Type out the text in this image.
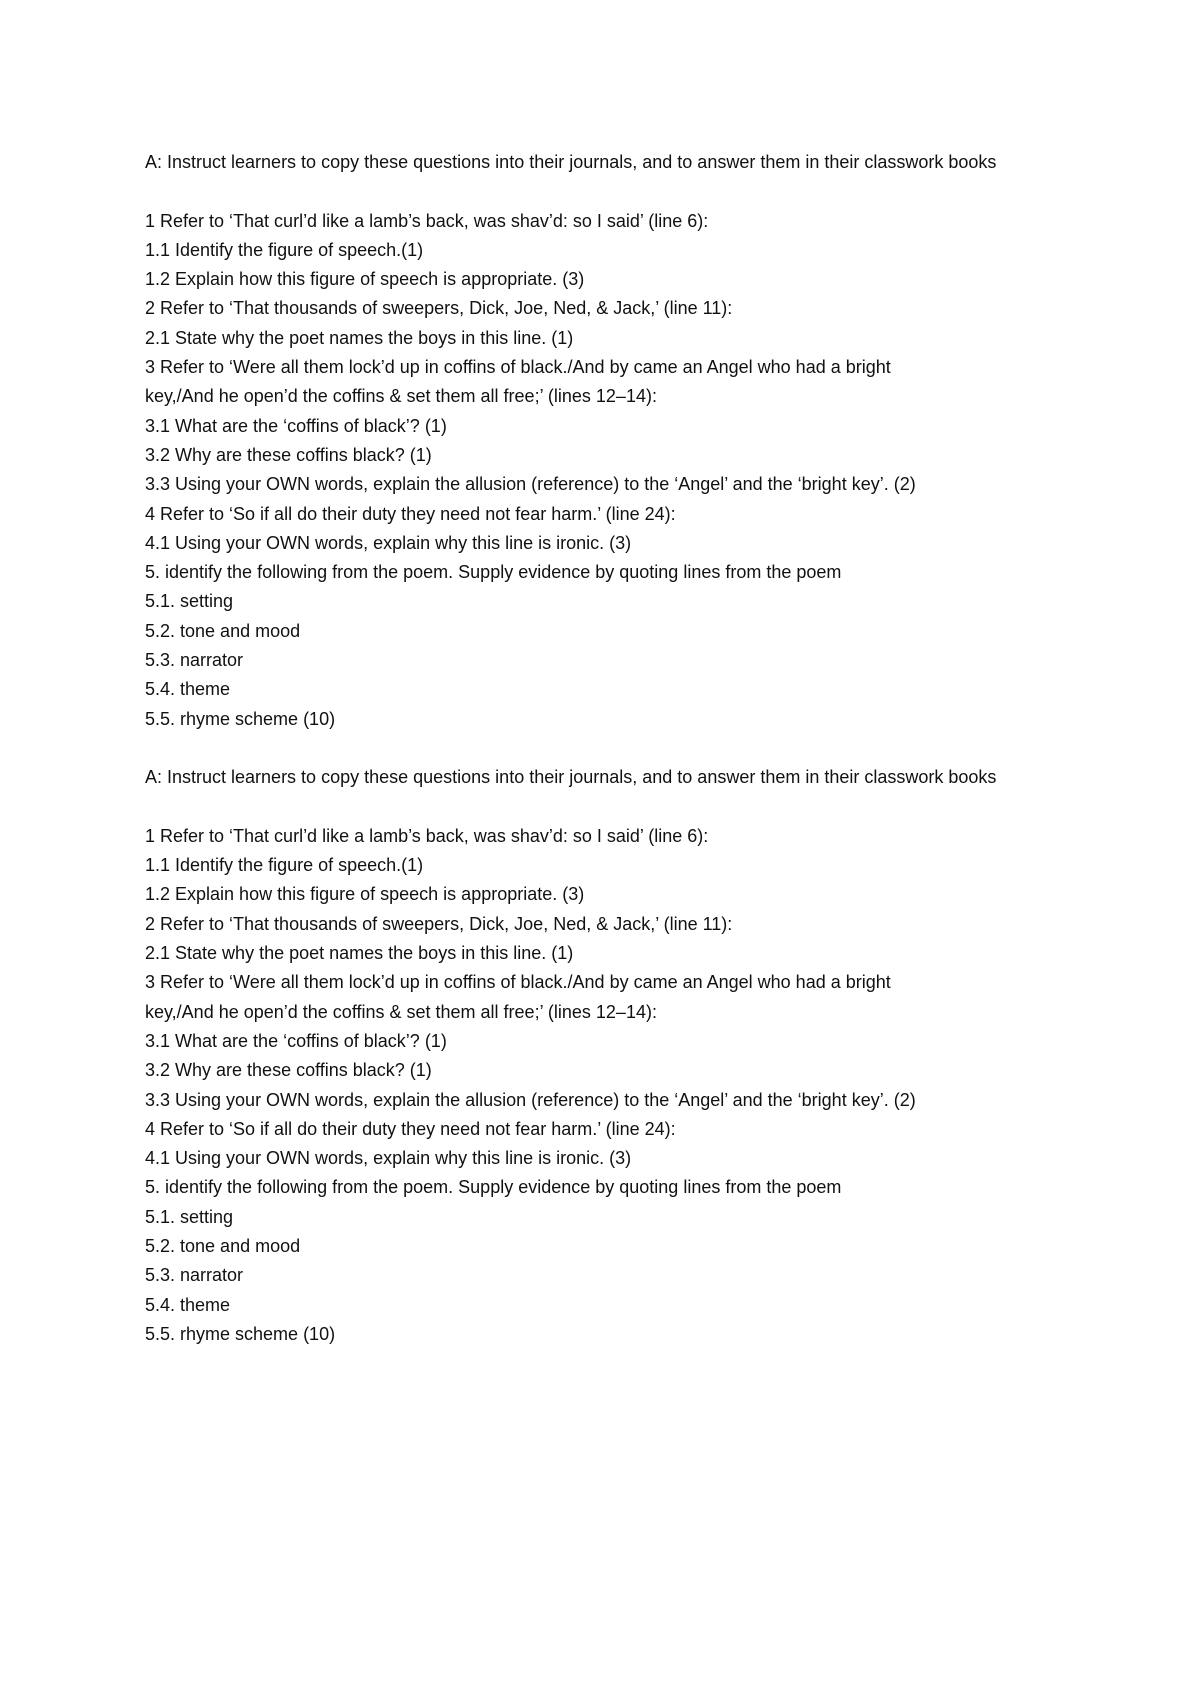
A: Instruct learners to copy these questions into their journals, and to answer them in their classwork books
1 Refer to ‘That curl’d like a lamb’s back, was shav’d: so I said’ (line 6):
1.1 Identify the figure of speech.(1)
1.2 Explain how this figure of speech is appropriate. (3)
2 Refer to ‘That thousands of sweepers, Dick, Joe, Ned, & Jack,’ (line 11):
2.1 State why the poet names the boys in this line. (1)
3 Refer to ‘Were all them lock’d up in coffins of black./And by came an Angel who had a bright
key,/And he open’d the coffins & set them all free;’ (lines 12–14):
3.1 What are the ‘coffins of black’? (1)
3.2 Why are these coffins black? (1)
3.3 Using your OWN words, explain the allusion (reference) to the ‘Angel’ and the ‘bright key’. (2)
4 Refer to ‘So if all do their duty they need not fear harm.’ (line 24):
4.1 Using your OWN words, explain why this line is ironic. (3)
5. identify the following from the poem. Supply evidence by quoting lines from the poem
5.1. setting
5.2. tone and mood
5.3. narrator
5.4. theme
5.5. rhyme scheme (10)
A: Instruct learners to copy these questions into their journals, and to answer them in their classwork books
1 Refer to ‘That curl’d like a lamb’s back, was shav’d: so I said’ (line 6):
1.1 Identify the figure of speech.(1)
1.2 Explain how this figure of speech is appropriate. (3)
2 Refer to ‘That thousands of sweepers, Dick, Joe, Ned, & Jack,’ (line 11):
2.1 State why the poet names the boys in this line. (1)
3 Refer to ‘Were all them lock’d up in coffins of black./And by came an Angel who had a bright
key,/And he open’d the coffins & set them all free;’ (lines 12–14):
3.1 What are the ‘coffins of black’? (1)
3.2 Why are these coffins black? (1)
3.3 Using your OWN words, explain the allusion (reference) to the ‘Angel’ and the ‘bright key’. (2)
4 Refer to ‘So if all do their duty they need not fear harm.’ (line 24):
4.1 Using your OWN words, explain why this line is ironic. (3)
5. identify the following from the poem. Supply evidence by quoting lines from the poem
5.1. setting
5.2. tone and mood
5.3. narrator
5.4. theme
5.5. rhyme scheme (10)
